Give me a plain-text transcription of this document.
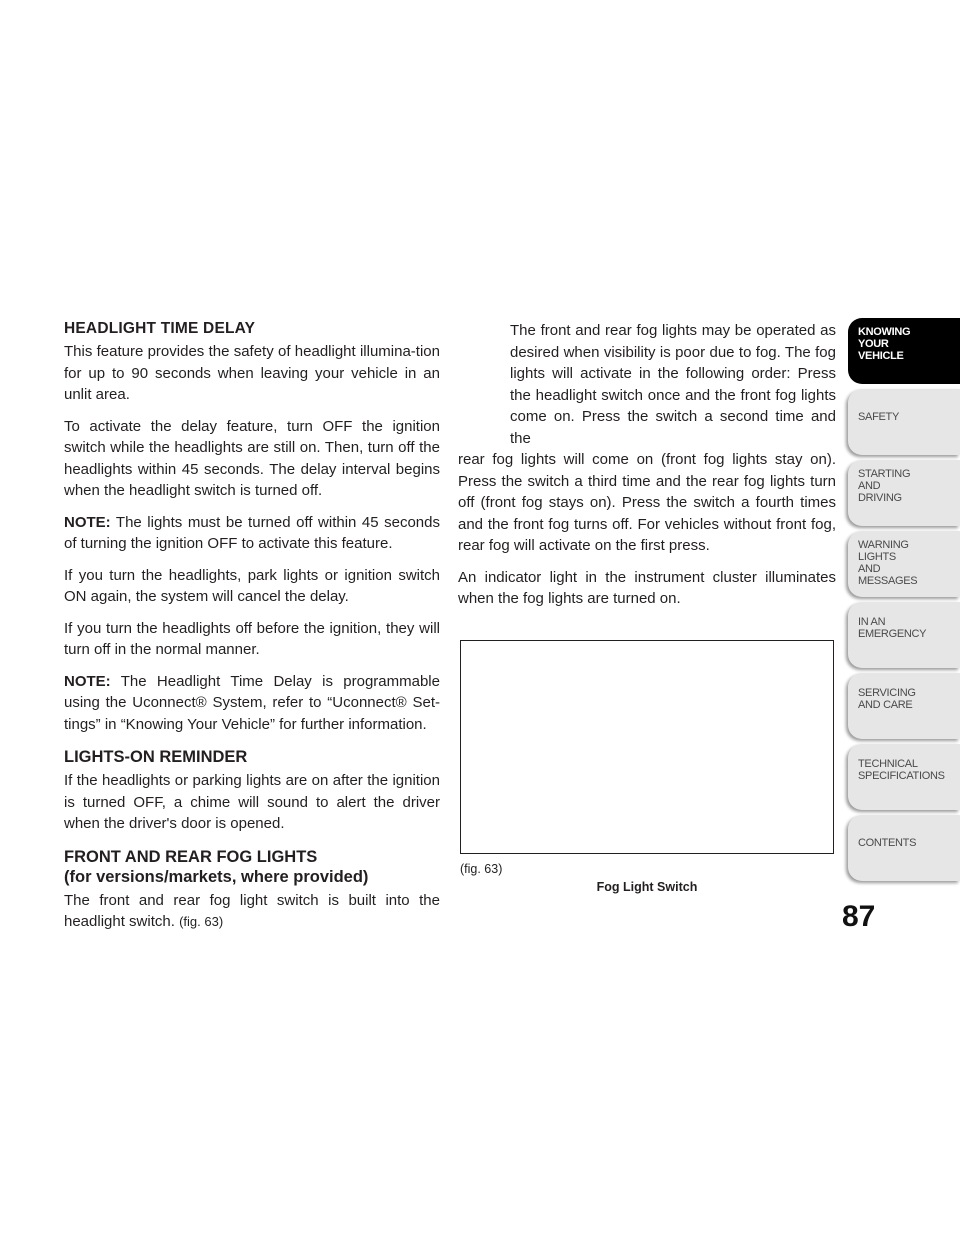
HEADLIGHT TIME DELAY

This feature provides the safety of headlight illumina-tion for up to 90 seconds when leaving your vehicle in an unlit area.

To activate the delay feature, turn OFF the ignition switch while the headlights are still on. Then, turn off the headlights within 45 seconds. The delay interval begins when the headlight switch is turned off.

NOTE: The lights must be turned off within 45 seconds of turning the ignition OFF to activate this feature.

If you turn the headlights, park lights or ignition switch ON again, the system will cancel the delay.

If you turn the headlights off before the ignition, they will turn off in the normal manner.

NOTE: The Headlight Time Delay is programmable using the Uconnect® System, refer to “Uconnect® Set-tings” in “Knowing Your Vehicle” for further information.

LIGHTS-ON REMINDER

If the headlights or parking lights are on after the ignition is turned OFF, a chime will sound to alert the driver when the driver's door is opened.

FRONT AND REAR FOG LIGHTS
(for versions/markets, where provided)

The front and rear fog light switch is built into the headlight switch. (fig. 63)

The front and rear fog lights may be operated as desired when visibility is poor due to fog. The fog lights will activate in the following order: Press the headlight switch once and the front fog lights come on. Press the switch a second time and the

rear fog lights will come on (front fog lights stay on). Press the switch a third time and the rear fog lights turn off (front fog stays on). Press the switch a fourth times and the front fog turns off. For vehicles without front fog, rear fog will activate on the first press.

An indicator light in the instrument cluster illuminates when the fog lights are turned on.

(fig. 63)
Fog Light Switch
KNOWING
YOUR
VEHICLE
SAFETY
STARTING
AND
DRIVING
WARNING
LIGHTS
AND
MESSAGES
IN AN
EMERGENCY
SERVICING
AND CARE
TECHNICAL
SPECIFICATIONS
CONTENTS
87
